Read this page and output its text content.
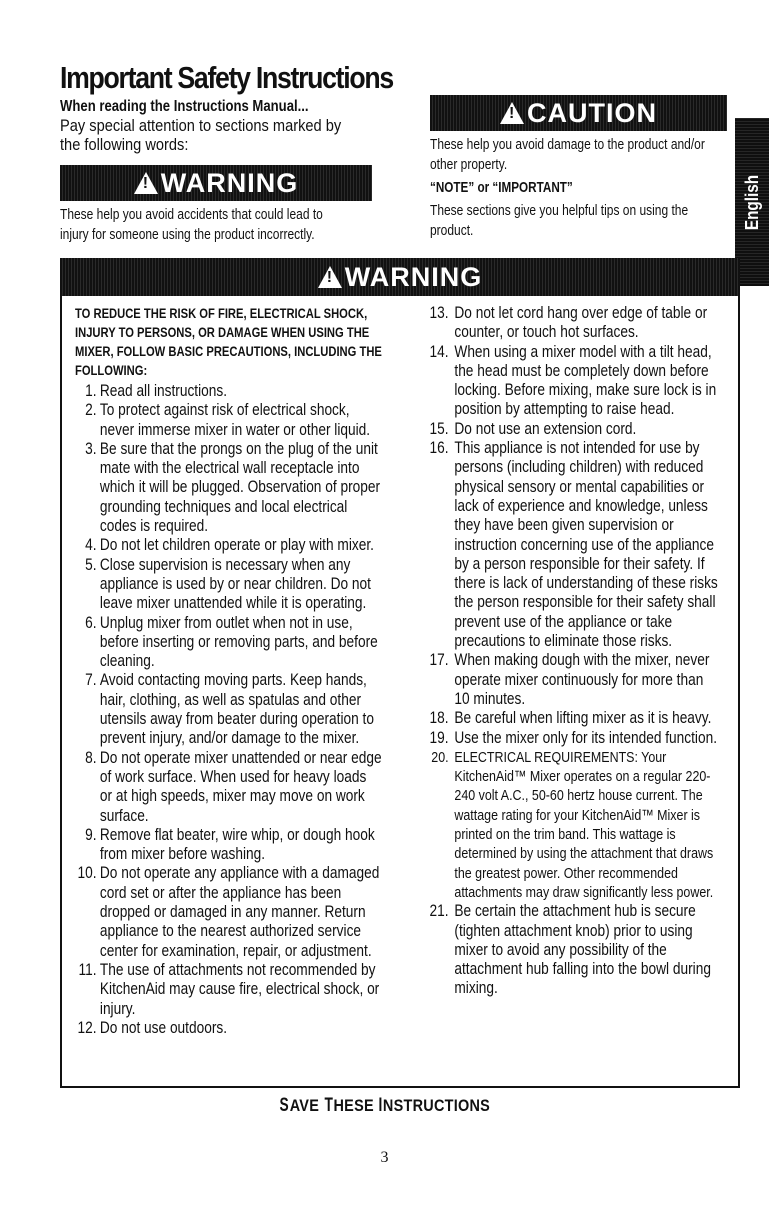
Important Safety Instructions
When reading the Instructions Manual...
Pay special attention to sections marked by the following words:
!
WARNING
These help you avoid accidents that could lead to injury for someone using the product incorrectly.
!
CAUTION
These help you avoid damage to the product and/or other property.
“NOTE” or “IMPORTANT”
These sections give you helpful tips on using the product.
English
!
WARNING
TO REDUCE THE RISK OF FIRE, ELECTRICAL SHOCK, INJURY TO PERSONS, OR DAMAGE WHEN USING THE MIXER, FOLLOW BASIC PRECAUTIONS, INCLUDING THE FOLLOWING:
1. Read all instructions.
2. To protect against risk of electrical shock, never immerse mixer in water or other liquid.
3. Be sure that the prongs on the plug of the unit mate with the electrical wall receptacle into which it will be plugged. Observation of proper grounding techniques and local electrical codes is required.
4. Do not let children operate or play with mixer.
5. Close supervision is necessary when any appliance is used by or near children. Do not leave mixer unattended while it is operating.
6. Unplug mixer from outlet when not in use, before inserting or removing parts, and before cleaning.
7. Avoid contacting moving parts. Keep hands, hair, clothing, as well as spatulas and other utensils away from beater during operation to prevent injury, and/or damage to the mixer.
8. Do not operate mixer unattended or near edge of work surface. When used for heavy loads or at high speeds, mixer may move on work surface.
9. Remove flat beater, wire whip, or dough hook from mixer before washing.
10. Do not operate any appliance with a damaged cord set or after the appliance has been dropped or damaged in any manner. Return appliance to the nearest authorized service center for examination, repair, or adjustment.
11. The use of attachments not recommended by KitchenAid may cause fire, electrical shock, or injury.
12. Do not use outdoors.
13. Do not let cord hang over edge of table or counter, or touch hot surfaces.
14. When using a mixer model with a tilt head, the head must be completely down before locking. Before mixing, make sure lock is in position by attempting to raise head.
15. Do not use an extension cord.
16. This appliance is not intended for use by persons (including children) with reduced physical sensory or mental capabilities or lack of experience and knowledge, unless they have been given supervision or instruction concerning use of the appliance by a person responsible for their safety. If there is lack of understanding of these risks the person responsible for their safety shall prevent use of the appliance or take precautions to eliminate those risks.
17. When making dough with the mixer, never operate mixer continuously for more than 10 minutes.
18. Be careful when lifting mixer as it is heavy.
19. Use the mixer only for its intended function.
20. ELECTRICAL REQUIREMENTS: Your KitchenAid™ Mixer operates on a regular 220-240 volt A.C., 50-60 hertz house current. The wattage rating for your KitchenAid™ Mixer is printed on the trim band. This wattage is determined by using the attachment that draws the greatest power. Other recommended attachments may draw significantly less power.
21. Be certain the attachment hub is secure (tighten attachment knob) prior to using mixer to avoid any possibility of the attachment hub falling into the bowl during mixing.
SAVE THESE INSTRUCTIONS
3
